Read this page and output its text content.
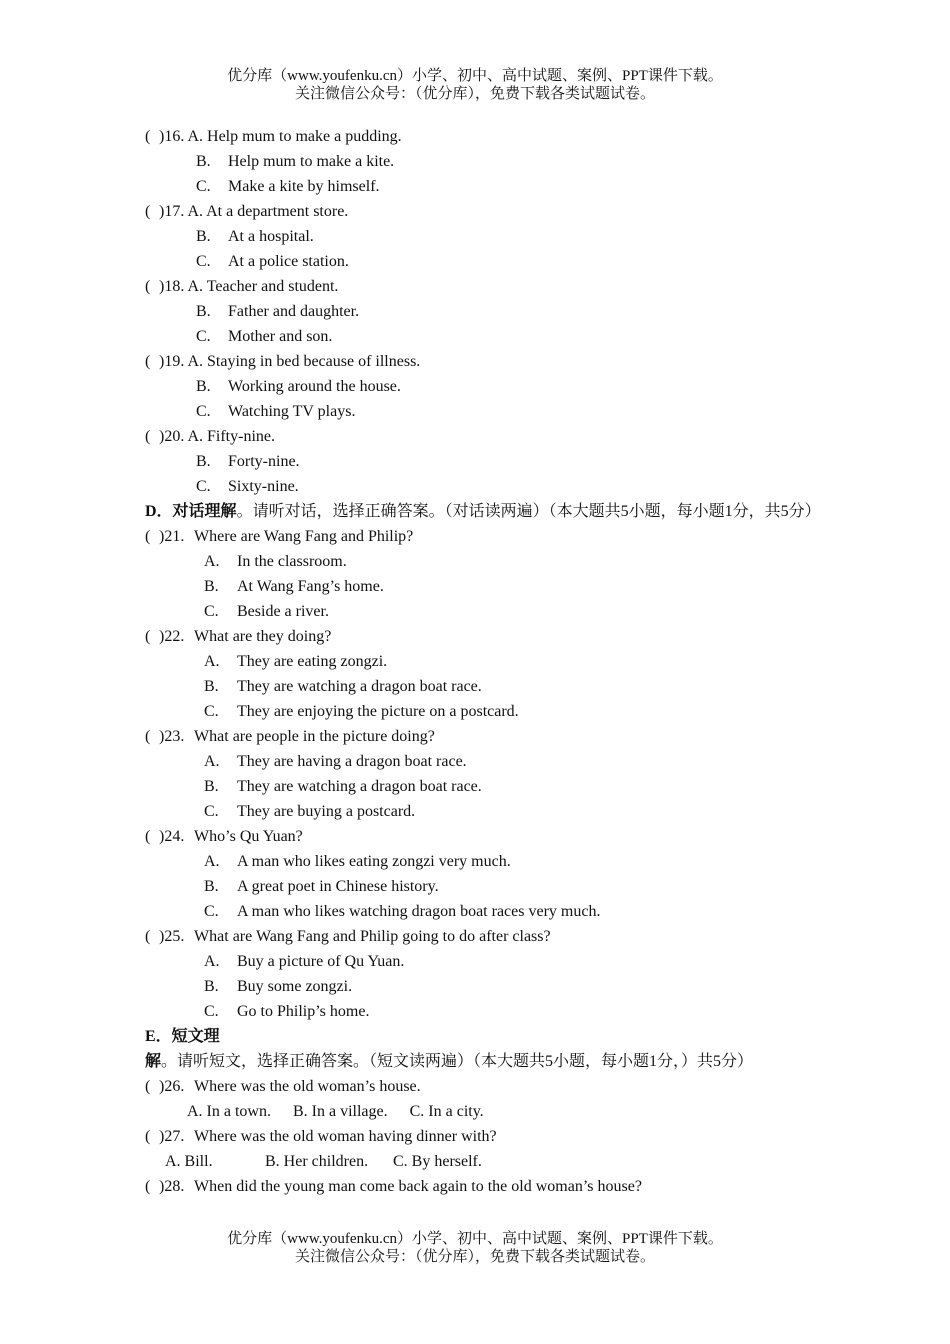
优分库（www.youfenku.cn）小学、初中、高中试题、案例、PPT课件下载。
关注微信公众号：（优分库），免费下载各类试题试卷。
( )16. A. Help mum to make a pudding.
B. Help mum to make a kite.
C. Make a kite by himself.
( )17. A. At a department store.
B. At a hospital.
C. At a police station.
( )18. A. Teacher and student.
B. Father and daughter.
C. Mother and son.
( )19. A. Staying in bed because of illness.
B. Working around the house.
C. Watching TV plays.
( )20. A. Fifty-nine.
B. Forty-nine.
C. Sixty-nine.
D．对话理解。请听对话，选择正确答案。（对话读两遍）（本大题共5小题，每小题1分，共5分）
( )21. Where are Wang Fang and Philip?
A. In the classroom.
B. At Wang Fang’s home.
C. Beside a river.
( )22. What are they doing?
A. They are eating zongzi.
B. They are watching a dragon boat race.
C. They are enjoying the picture on a postcard.
( )23. What are people in the picture doing?
A. They are having a dragon boat race.
B. They are watching a dragon boat race.
C. They are buying a postcard.
( )24. Who’s Qu Yuan?
A. A man who likes eating zongzi very much.
B. A great poet in Chinese history.
C. A man who likes watching dragon boat races very much.
( )25. What are Wang Fang and Philip going to do after class?
A. Buy a picture of Qu Yuan.
B. Buy some zongzi.
C. Go to Philip’s home.
E．短文理解。请听短文，选择正确答案。（短文读两遍）（本大题共5小题，每小题1分，）共5分）
( )26. Where was the old woman’s house.
A. In a town. B. In a village. C. In a city.
( )27. Where was the old woman having dinner with?
A. Bill.	B. Her children. C. By herself.
( )28. When did the young man come back again to the old woman’s house?
优分库（www.youfenku.cn）小学、初中、高中试题、案例、PPT课件下载。
关注微信公众号：（优分库），免费下载各类试题试卷。
